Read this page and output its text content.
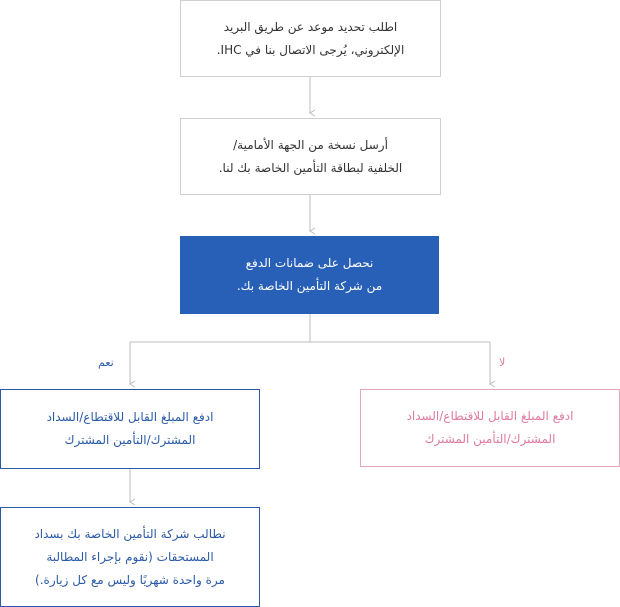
اطلب تحديد موعد عن طريق البريد
الإلكتروني، يُرجى الاتصال بنا في IHC.
أرسل نسخة من الجهة الأمامية/
الخلفية لبطاقة التأمين الخاصة بك لنا.
نحصل على ضمانات الدفع
من شركة التأمين الخاصة بك.
نعم	لا
ادفع المبلغ القابل للاقتطاع/السداد
المشترك/التأمين المشترك
ادفع المبلغ القابل للاقتطاع/السداد
المشترك/التأمين المشترك
نطالب شركة التأمين الخاصة بك بسداد
المستحقات (نقوم بإجراء المطالبة
مرة واحدة شهريًا وليس مع كل زيارة.)
